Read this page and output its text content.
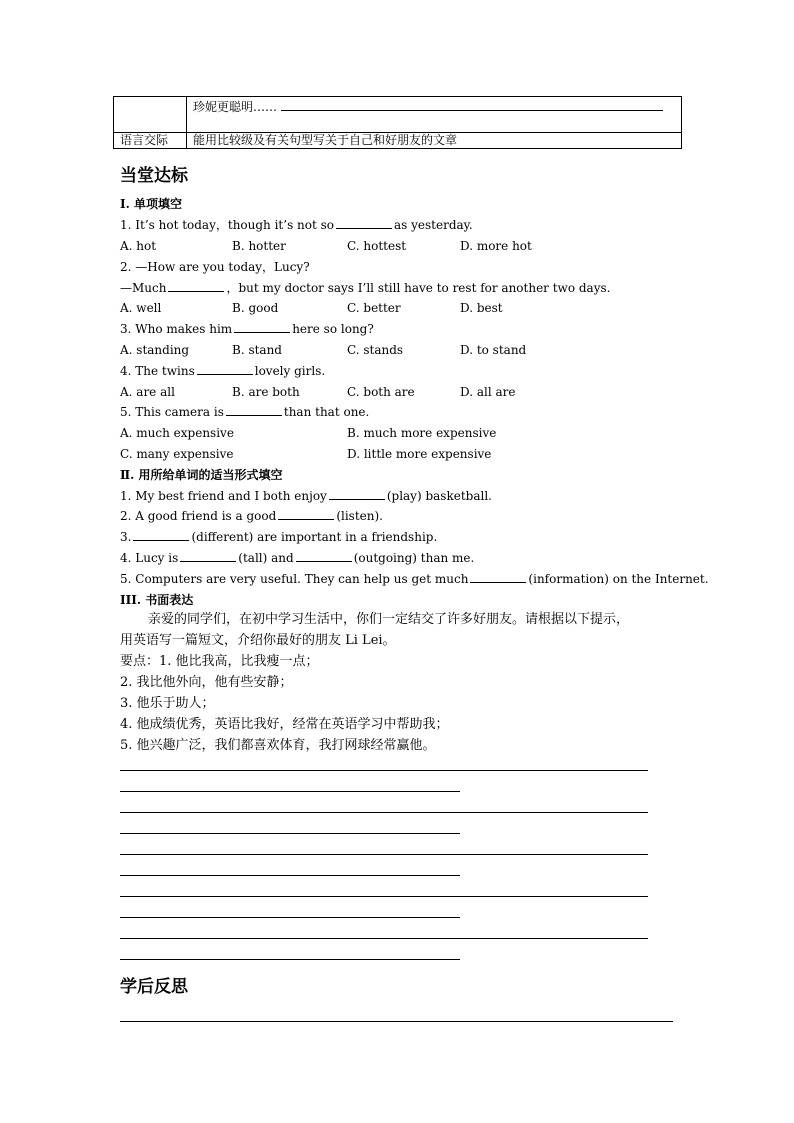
	珍妮更聪明……
语言交际	能用比较级及有关句型写关于自己和好朋友的文章
当堂达标
Ⅰ. 单项填空
1. It’s hot today，though it’s not so	as yesterday.
A. hot	B. hotter	C. hottest	D. more hot
2. —How are you today，Lucy?
—Much	，but my doctor says I’ll still have to rest for another two days.
A. well	B. good	C. better	D. best
3. Who makes him	here so long?
A. standing	B. stand	C. stands	D. to stand
4. The twins	lovely girls.
A. are all	B. are both	C. both are	D. all are
5. This camera is	than that one.
A. much expensive	B. much more expensive
C. many expensive	D. little more expensive
Ⅱ. 用所给单词的适当形式填空
1. My best friend and I both enjoy	(play) basketball.
2. A good friend is a good	(listen).
3.	(different) are important in a friendship.
4. Lucy is	(tall) and	(outgoing) than me.
5. Computers are very useful. They can help us get much	(information) on the Internet.
III. 书面表达
亲爱的同学们，在初中学习生活中，你们一定结交了许多好朋友。请根据以下提示，
用英语写一篇短文，介绍你最好的朋友 Li Lei。
要点：1. 他比我高，比我瘦一点；
2. 我比他外向，他有些安静；
3. 他乐于助人；
4. 他成绩优秀，英语比我好，经常在英语学习中帮助我；
5. 他兴趣广泛，我们都喜欢体育，我打网球经常赢他。
学后反思
